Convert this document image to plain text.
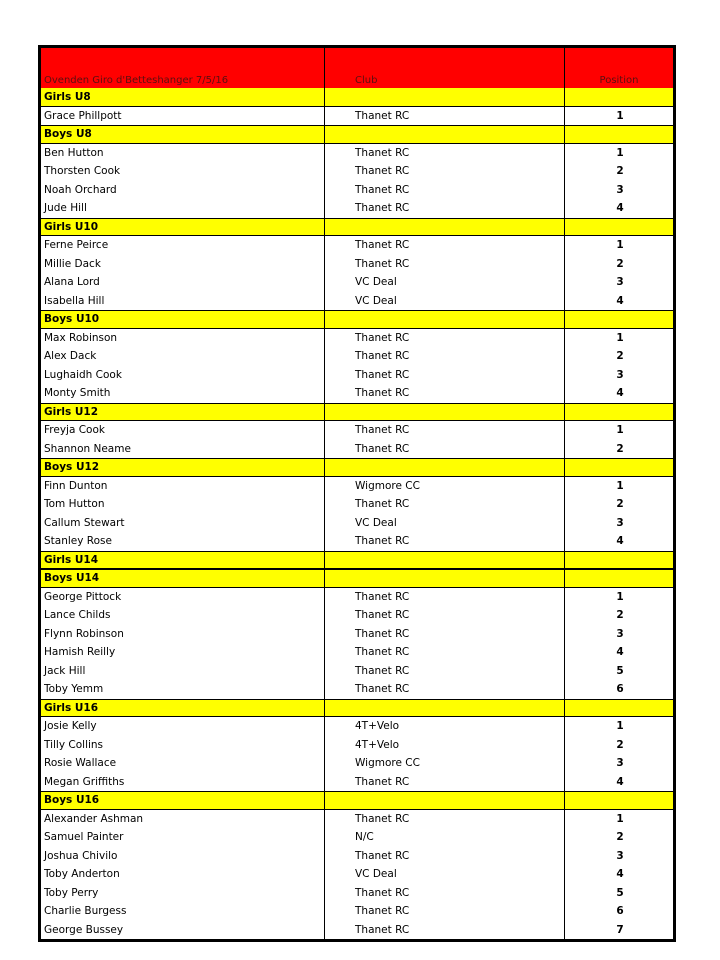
Ovenden Giro d'Betteshanger 7/5/16	Club	Position
Girls U8
Grace Phillpott	Thanet RC	1
Boys U8
Ben Hutton	Thanet RC	1
Thorsten Cook	Thanet RC	2
Noah Orchard	Thanet RC	3
Jude Hill	Thanet RC	4
Girls U10
Ferne Peirce	Thanet RC	1
Millie Dack	Thanet RC	2
Alana Lord	VC Deal	3
Isabella Hill	VC Deal	4
Boys U10
Max Robinson	Thanet RC	1
Alex Dack	Thanet RC	2
Lughaidh Cook	Thanet RC	3
Monty Smith	Thanet RC	4
Girls U12
Freyja Cook	Thanet RC	1
Shannon Neame	Thanet RC	2
Boys U12
Finn Dunton	Wigmore CC	1
Tom Hutton	Thanet RC	2
Callum Stewart	VC Deal	3
Stanley Rose	Thanet RC	4
Girls U14
Boys U14
George Pittock	Thanet RC	1
Lance Childs	Thanet RC	2
Flynn Robinson	Thanet RC	3
Hamish Reilly	Thanet RC	4
Jack Hill	Thanet RC	5
Toby Yemm	Thanet RC	6
Girls U16
Josie Kelly	4T+Velo	1
Tilly Collins	4T+Velo	2
Rosie Wallace	Wigmore CC	3
Megan Griffiths	Thanet RC	4
Boys U16
Alexander Ashman	Thanet RC	1
Samuel Painter	N/C	2
Joshua Chivilo	Thanet RC	3
Toby Anderton	VC Deal	4
Toby Perry	Thanet RC	5
Charlie Burgess	Thanet RC	6
George Bussey	Thanet RC	7
